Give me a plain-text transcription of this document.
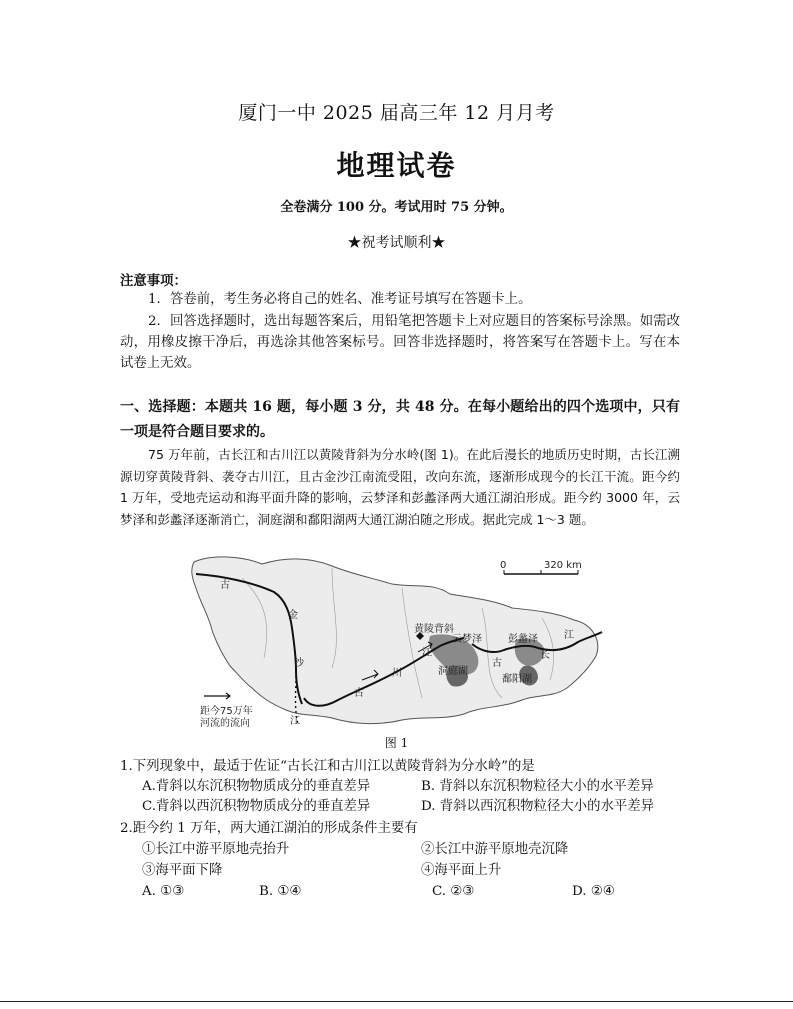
厦门一中 2025 届高三年 12 月月考
地理试卷
全卷满分 100 分。考试用时 75 分钟。
★祝考试顺利★
注意事项：
1．答卷前，考生务必将自己的姓名、准考证号填写在答题卡上。
2．回答选择题时，选出每题答案后，用铅笔把答题卡上对应题目的答案标号涂黑。如需改动，用橡皮擦干净后，再选涂其他答案标号。回答非选择题时，将答案写在答题卡上。写在本试卷上无效。
一、选择题：本题共 16 题，每小题 3 分，共 48 分。在每小题给出的四个选项中，只有一项是符合题目要求的。
75 万年前，古长江和古川江以黄陵背斜为分水岭(图 1)。在此后漫长的地质历史时期，古长江溯源切穿黄陵背斜、袭夺古川江，且古金沙江南流受阻，改向东流，逐渐形成现今的长江干流。距今约 1 万年，受地壳运动和海平面升降的影响，云梦泽和彭蠡泽两大通江湖泊形成。距今约 3000 年，云梦泽和彭蠡泽逐渐消亡，洞庭湖和鄱阳湖两大通江湖泊随之形成。据此完成 1～3 题。
0	320 km
距今75万年
河流的流向
古
金
沙
江
古
川
江
黄陵背斜
云梦泽	彭蠡泽
洞庭湖
古
长
江
鄱阳湖
图 1
1.下列现象中，最适于佐证“古长江和古川江以黄陵背斜为分水岭”的是
A.背斜以东沉积物物质成分的垂直差异	B. 背斜以东沉积物粒径大小的水平差异
C.背斜以西沉积物物质成分的垂直差异	D. 背斜以西沉积物粒径大小的水平差异
2.距今约 1 万年，两大通江湖泊的形成条件主要有
①长江中游平原地壳抬升	②长江中游平原地壳沉降
③海平面下降	④海平面上升
A. ①③	B. ①④	C. ②③	D. ②④
